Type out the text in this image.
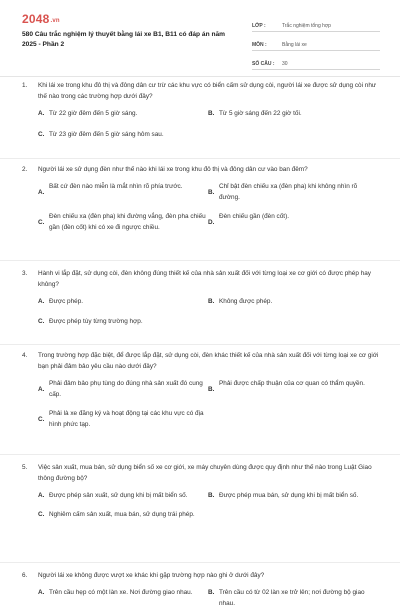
2048.vn
580 Câu trắc nghiệm lý thuyết bằng lái xe B1, B11 có đáp án năm 2025 - Phần 2
LỚP :	Trắc nghiệm tổng hợp
MÔN :	Bằng lái xe
SỐ CÂU :	30
1. Khi lái xe trong khu đô thị và đông dân cư trừ các khu vực có biển cấm sử dụng còi, người lái xe được sử dụng còi như thế nào trong các trường hợp dưới đây?
A. Từ 22 giờ đêm đến 5 giờ sáng.	B. Từ 5 giờ sáng đến 22 giờ tối.
C. Từ 23 giờ đêm đến 5 giờ sáng hôm sau.
2. Người lái xe sử dụng đèn như thế nào khi lái xe trong khu đô thị và đông dân cư vào ban đêm?
A.
Bất cứ đèn nào miễn là mắt nhìn rõ phía trước.
B.
Chỉ bật đèn chiếu xa (đèn pha) khi không nhìn rõ đường.
C.
Đèn chiếu xa (đèn pha) khi đường vắng, đèn pha chiếu gần (đèn cốt) khi có xe đi ngược chiều.
D.
Đèn chiếu gần (đèn cốt).
3. Hành vi lắp đặt, sử dụng còi, đèn không đúng thiết kế của nhà sản xuất đối với từng loại xe cơ giới có được phép hay không?
A. Được phép.	B. Không được phép.
C. Được phép tùy từng trường hợp.
4. Trong trường hợp đặc biệt, để được lắp đặt, sử dụng còi, đèn khác thiết kế của nhà sản xuất đối với từng loại xe cơ giới bạn phải đảm bảo yêu cầu nào dưới đây?
A.
Phải đảm bảo phụ tùng do đúng nhà sản xuất đó cung cấp.
B.
Phải được chấp thuận của cơ quan có thẩm quyền.
C.
Phải là xe đăng ký và hoạt động tại các khu vực có địa hình phức tạp.
5. Việc sản xuất, mua bán, sử dụng biển số xe cơ giới, xe máy chuyên dùng được quy định như thế nào trong Luật Giao thông đường bộ?
A. Được phép sản xuất, sử dụng khi bị mất biển số.	B. Được phép mua bán, sử dụng khi bị mất biển số.
C. Nghiêm cấm sản xuất, mua bán, sử dụng trái phép.
6. Người lái xe không được vượt xe khác khi gặp trường hợp nào ghi ở dưới đây?
A. Trên cầu hẹp có một làn xe. Nơi đường giao nhau.	B. Trên cầu có từ 02 làn xe trở lên; nơi đường bộ giao nhau.
